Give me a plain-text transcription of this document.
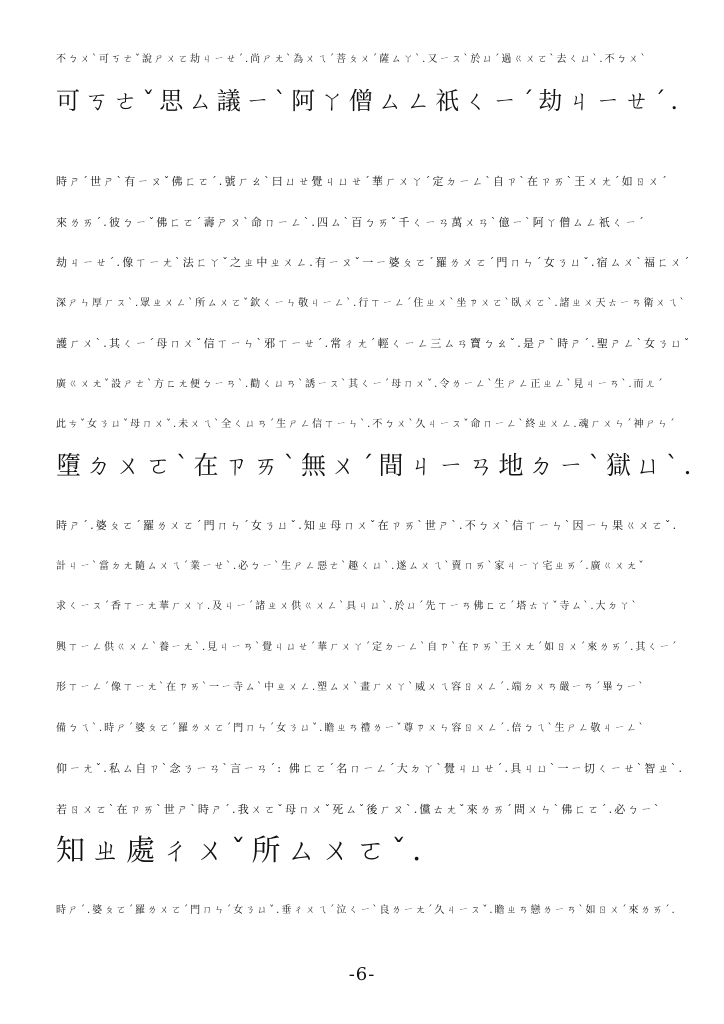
不ㄅㄨˋ可ㄎㄜˇ說ㄕㄨㄛ劫ㄐㄧㄝˊ.尚ㄕㄤˋ為ㄨㄟˊ菩ㄆㄨˊ薩ㄙㄚˋ.又ㄧㄡˋ於ㄩˊ過ㄍㄨㄛˋ去ㄑㄩˋ.不ㄅㄨˋ
可ㄎㄜˇ思ㄙ議ㄧˋ阿ㄚ僧ㄙㄥ祇ㄑㄧˊ劫ㄐㄧㄝˊ.
時ㄕˊ世ㄕˋ有ㄧㄡˇ佛ㄈㄛˊ.號ㄏㄠˋ曰ㄩㄝ覺ㄐㄩㄝˊ華ㄏㄨㄚˊ定ㄉㄧㄥˋ自ㄗˋ在ㄗㄞˋ王ㄨㄤˊ如ㄖㄨˊ
來ㄌㄞˊ.彼ㄅㄧˇ佛ㄈㄛˊ壽ㄕㄡˋ命ㄇㄧㄥˋ.四ㄙˋ百ㄅㄞˇ千ㄑㄧㄢ萬ㄨㄢˋ億ㄧˋ阿ㄚ僧ㄙㄥ祇ㄑㄧˊ
劫ㄐㄧㄝˊ.像ㄒㄧㄤˋ法ㄈㄚˇ之ㄓ中ㄓㄨㄥ.有ㄧㄡˇ一ㄧ婆ㄆㄛˊ羅ㄌㄨㄛˊ門ㄇㄣˊ女ㄋㄩˇ.宿ㄙㄨˋ福ㄈㄨˊ
深ㄕㄣ厚ㄏㄡˋ.眾ㄓㄨㄥˋ所ㄙㄨㄛˇ欽ㄑㄧㄣ敬ㄐㄧㄥˋ.行ㄒㄧㄥˊ住ㄓㄨˋ坐ㄗㄨㄛˋ臥ㄨㄛˋ.諸ㄓㄨ天ㄊㄧㄢ衛ㄨㄟˋ
護ㄏㄨˋ.其ㄑㄧˊ母ㄇㄨˇ信ㄒㄧㄣˋ邪ㄒㄧㄝˊ.常ㄔㄤˊ輕ㄑㄧㄥ三ㄙㄢ寶ㄅㄠˇ.是ㄕˋ時ㄕˊ.聖ㄕㄥˋ女ㄋㄩˇ
廣ㄍㄨㄤˇ設ㄕㄜˋ方ㄈㄤ便ㄅㄧㄢˋ.勸ㄑㄩㄢˋ誘ㄧㄡˋ其ㄑㄧˊ母ㄇㄨˇ.令ㄌㄧㄥˋ生ㄕㄥ正ㄓㄥˋ見ㄐㄧㄢˋ.而ㄦˊ
此ㄘˇ女ㄋㄩˇ母ㄇㄨˇ.未ㄨㄟˋ全ㄑㄩㄢˊ生ㄕㄥ信ㄒㄧㄣˋ.不ㄅㄨˋ久ㄐㄧㄡˇ命ㄇㄧㄥˋ終ㄓㄨㄥ.魂ㄏㄨㄣˊ神ㄕㄣˊ
墮ㄉㄨㄛˋ在ㄗㄞˋ無ㄨˊ間ㄐㄧㄢ地ㄉㄧˋ獄ㄩˋ.
時ㄕˊ.婆ㄆㄛˊ羅ㄌㄨㄛˊ門ㄇㄣˊ女ㄋㄩˇ.知ㄓ母ㄇㄨˇ在ㄗㄞˋ世ㄕˋ.不ㄅㄨˋ信ㄒㄧㄣˋ因ㄧㄣ果ㄍㄨㄛˇ.
計ㄐㄧˋ當ㄉㄤ隨ㄙㄨㄟˊ業ㄧㄝˋ.必ㄅㄧˋ生ㄕㄥ惡ㄜˋ趣ㄑㄩˋ.遂ㄙㄨㄟˋ賣ㄇㄞˋ家ㄐㄧㄚ宅ㄓㄞˊ.廣ㄍㄨㄤˇ
求ㄑㄧㄡˊ香ㄒㄧㄤ華ㄏㄨㄚ.及ㄐㄧˊ諸ㄓㄨ供ㄍㄨㄥˋ具ㄐㄩˋ.於ㄩˊ先ㄒㄧㄢ佛ㄈㄛˊ塔ㄊㄚˇ寺ㄙˋ.大ㄉㄚˋ
興ㄒㄧㄥ供ㄍㄨㄥˋ養ㄧㄤˋ.見ㄐㄧㄢˋ覺ㄐㄩㄝˊ華ㄏㄨㄚˊ定ㄉㄧㄥˋ自ㄗˋ在ㄗㄞˋ王ㄨㄤˊ如ㄖㄨˊ來ㄌㄞˊ.其ㄑㄧˊ
形ㄒㄧㄥˊ像ㄒㄧㄤˋ在ㄗㄞˋ一ㄧ寺ㄙˋ中ㄓㄨㄥ.塑ㄙㄨˋ畫ㄏㄨㄚˋ威ㄨㄟ容ㄖㄨㄥˊ.端ㄉㄨㄢ嚴ㄧㄢˊ畢ㄅㄧˋ
備ㄅㄟˋ.時ㄕˊ婆ㄆㄛˊ羅ㄌㄨㄛˊ門ㄇㄣˊ女ㄋㄩˇ.瞻ㄓㄢ禮ㄌㄧˇ尊ㄗㄨㄣ容ㄖㄨㄥˊ.倍ㄅㄟˋ生ㄕㄥ敬ㄐㄧㄥˋ
仰ㄧㄤˇ.私ㄙ自ㄗˋ念ㄋㄧㄢˋ言ㄧㄢˊ: 佛ㄈㄛˊ名ㄇㄧㄥˊ大ㄉㄚˋ覺ㄐㄩㄝˊ.具ㄐㄩˋ一ㄧ切ㄑㄧㄝˋ智ㄓˋ.
若ㄖㄨㄛˋ在ㄗㄞˋ世ㄕˋ時ㄕˊ.我ㄨㄛˇ母ㄇㄨˇ死ㄙˇ後ㄏㄡˋ.儻ㄊㄤˇ來ㄌㄞˊ問ㄨㄣˋ佛ㄈㄛˊ.必ㄅㄧˋ
知ㄓ處ㄔㄨˇ所ㄙㄨㄛˇ.
時ㄕˊ.婆ㄆㄛˊ羅ㄌㄨㄛˊ門ㄇㄣˊ女ㄋㄩˇ.垂ㄔㄨㄟˊ泣ㄑㄧˋ良ㄌㄧㄤˊ久ㄐㄧㄡˇ.瞻ㄓㄢ戀ㄌㄧㄢˋ如ㄖㄨˊ來ㄌㄞˊ.
-6-
